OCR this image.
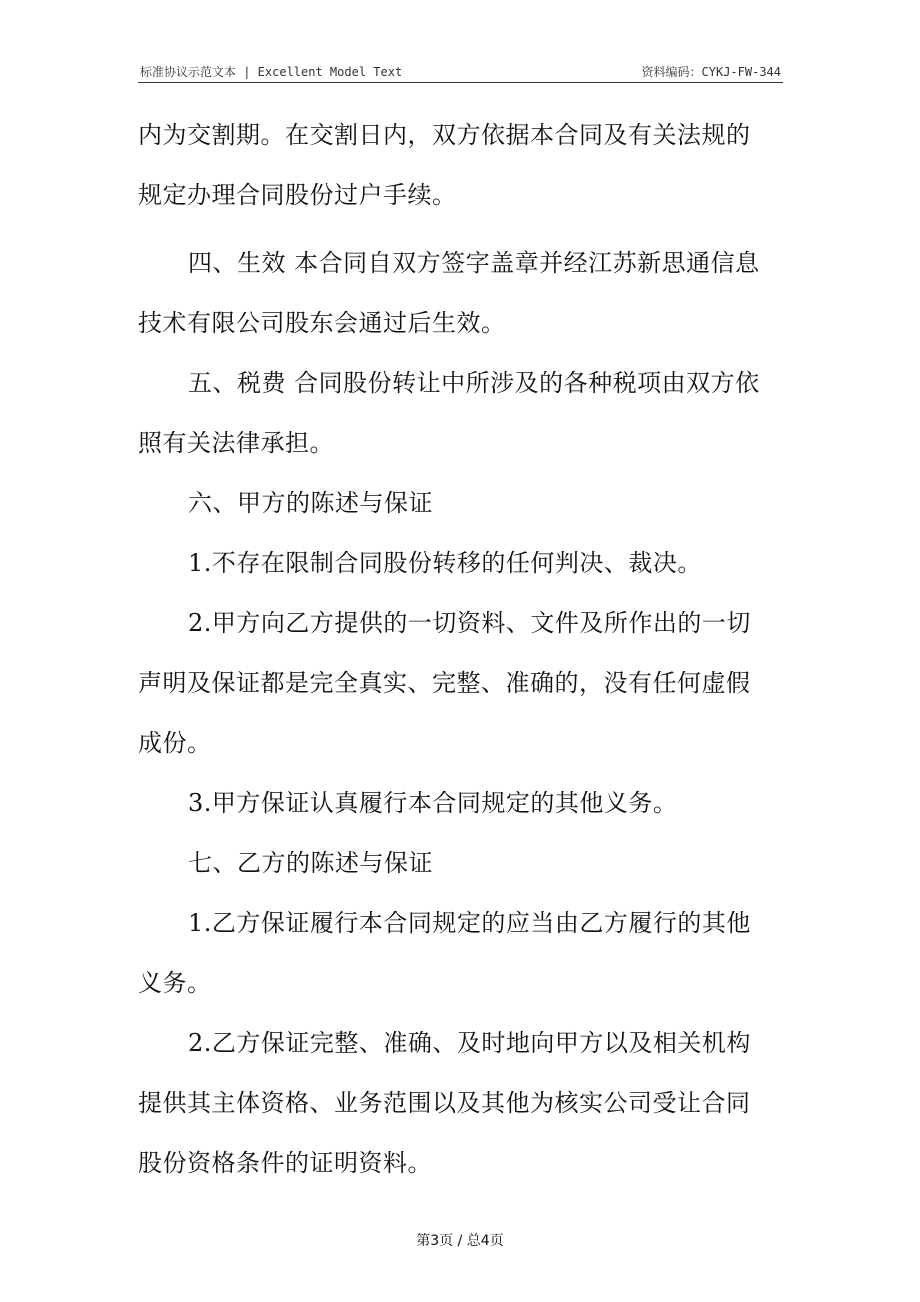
标准协议示范文本 | Excellent Model Text	资料编码：CYKJ-FW-344
内为交割期。在交割日内，双方依据本合同及有关法规的
规定办理合同股份过户手续。
四、生效 本合同自双方签字盖章并经江苏新思通信息
技术有限公司股东会通过后生效。
五、税费 合同股份转让中所涉及的各种税项由双方依
照有关法律承担。
六、甲方的陈述与保证
1.不存在限制合同股份转移的任何判决、裁决。
2.甲方向乙方提供的一切资料、文件及所作出的一切
声明及保证都是完全真实、完整、准确的，没有任何虚假
成份。
3.甲方保证认真履行本合同规定的其他义务。
七、乙方的陈述与保证
1.乙方保证履行本合同规定的应当由乙方履行的其他
义务。
2.乙方保证完整、准确、及时地向甲方以及相关机构
提供其主体资格、业务范围以及其他为核实公司受让合同
股份资格条件的证明资料。
第3页 / 总4页
